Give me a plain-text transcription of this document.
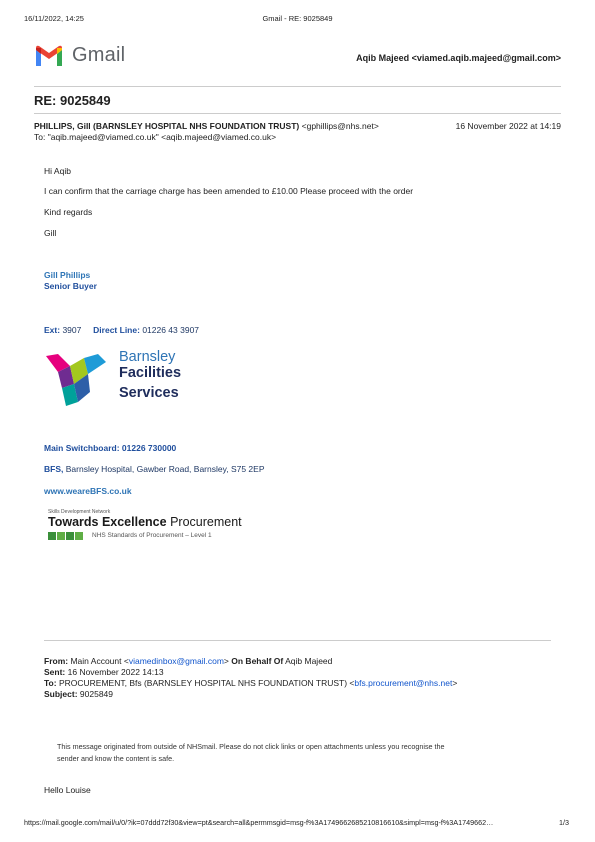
16/11/2022, 14:25	Gmail - RE: 9025849
Gmail	Aqib Majeed <viamed.aqib.majeed@gmail.com>
RE: 9025849
PHILLIPS, Gill (BARNSLEY HOSPITAL NHS FOUNDATION TRUST) <gphillips@nhs.net>	16 November 2022 at 14:19
To: "aqib.majeed@viamed.co.uk" <aqib.majeed@viamed.co.uk>
Hi Aqib
I can confirm that the carriage charge has been amended to £10.00 Please proceed with the order
Kind regards
Gill
Gill Phillips
Senior Buyer
Ext: 3907 Direct Line: 01226 43 3907
Barnsley
Facilities
Services
Main Switchboard: 01226 730000
BFS, Barnsley Hospital, Gawber Road, Barnsley, S75 2EP
www.weareBFS.co.uk
Skills Development Network
Towards Excellence Procurement
NHS Standards of Procurement – Level 1
From: Main Account <viamedinbox@gmail.com> On Behalf Of Aqib Majeed
Sent: 16 November 2022 14:13
To: PROCUREMENT, Bfs (BARNSLEY HOSPITAL NHS FOUNDATION TRUST) <bfs.procurement@nhs.net>
Subject: 9025849
This message originated from outside of NHSmail. Please do not click links or open attachments unless you recognise the
sender and know the content is safe.
Hello Louise
https://mail.google.com/mail/u/0/?ik=07ddd72f30&view=pt&search=all&permmsgid=msg-f%3A1749662685210816610&simpl=msg-f%3A1749662…	1/3
